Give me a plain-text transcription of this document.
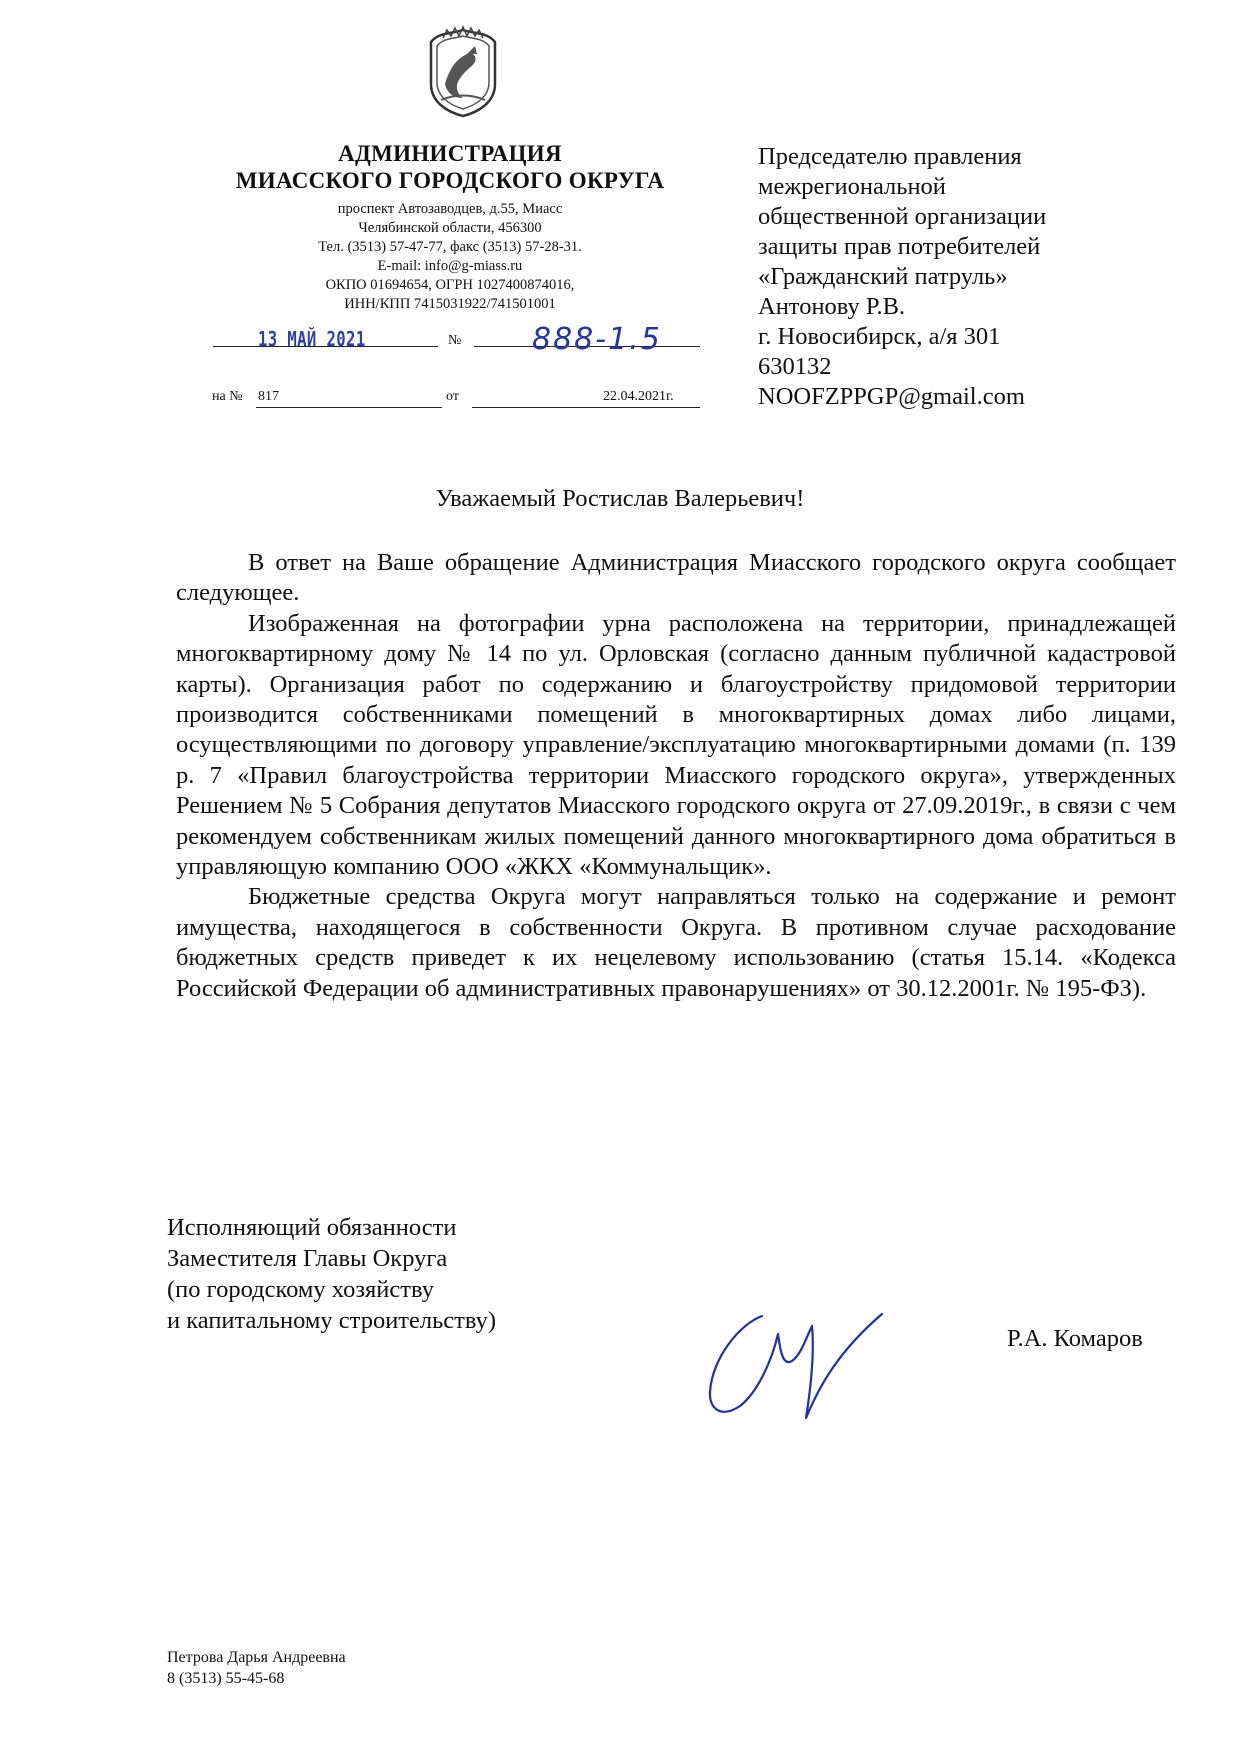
АДМИНИСТРАЦИЯ
МИАССКОГО ГОРОДСКОГО ОКРУГА
проспект Автозаводцев, д.55, Миасс
Челябинской области, 456300
Тел. (3513) 57-47-77, факс (3513) 57-28-31.
E-mail: info@g-miass.ru
ОКПО 01694654, ОГРН 1027400874016,
ИНН/КПП 7415031922/741501001
13 МАЙ 2021	№ 888-1.5
на № 817	от	22.04.2021г.
Председателю правления
межрегиональной
общественной организации
защиты прав потребителей
«Гражданский патруль»
Антонову Р.В.
г. Новосибирск, а/я 301
630132
NOOFZPPGP@gmail.com
Уважаемый Ростислав Валерьевич!

В ответ на Ваше обращение Администрация Миасского городского округа сообщает следующее.

Изображенная на фотографии урна расположена на территории, принадлежащей многоквартирному дому № 14 по ул. Орловская (согласно данным публичной кадастровой карты). Организация работ по содержанию и благоустройству придомовой территории производится собственниками помещений в многоквартирных домах либо лицами, осуществляющими по договору управление/эксплуатацию многоквартирными домами (п. 139 р. 7 «Правил благоустройства территории Миасского городского округа», утвержденных Решением № 5 Собрания депутатов Миасского городского округа от 27.09.2019г., в связи с чем рекомендуем собственникам жилых помещений данного многоквартирного дома обратиться в управляющую компанию ООО «ЖКХ «Коммунальщик».

Бюджетные средства Округа могут направляться только на содержание и ремонт имущества, находящегося в собственности Округа. В противном случае расходование бюджетных средств приведет к их нецелевому использованию (статья 15.14. «Кодекса Российской Федерации об административных правонарушениях» от 30.12.2001г. № 195-ФЗ).

Исполняющий обязанности
Заместителя Главы Округа
(по городскому хозяйству
и капитальному строительству)
Р.А. Комаров
Петрова Дарья Андреевна
8 (3513) 55-45-68
